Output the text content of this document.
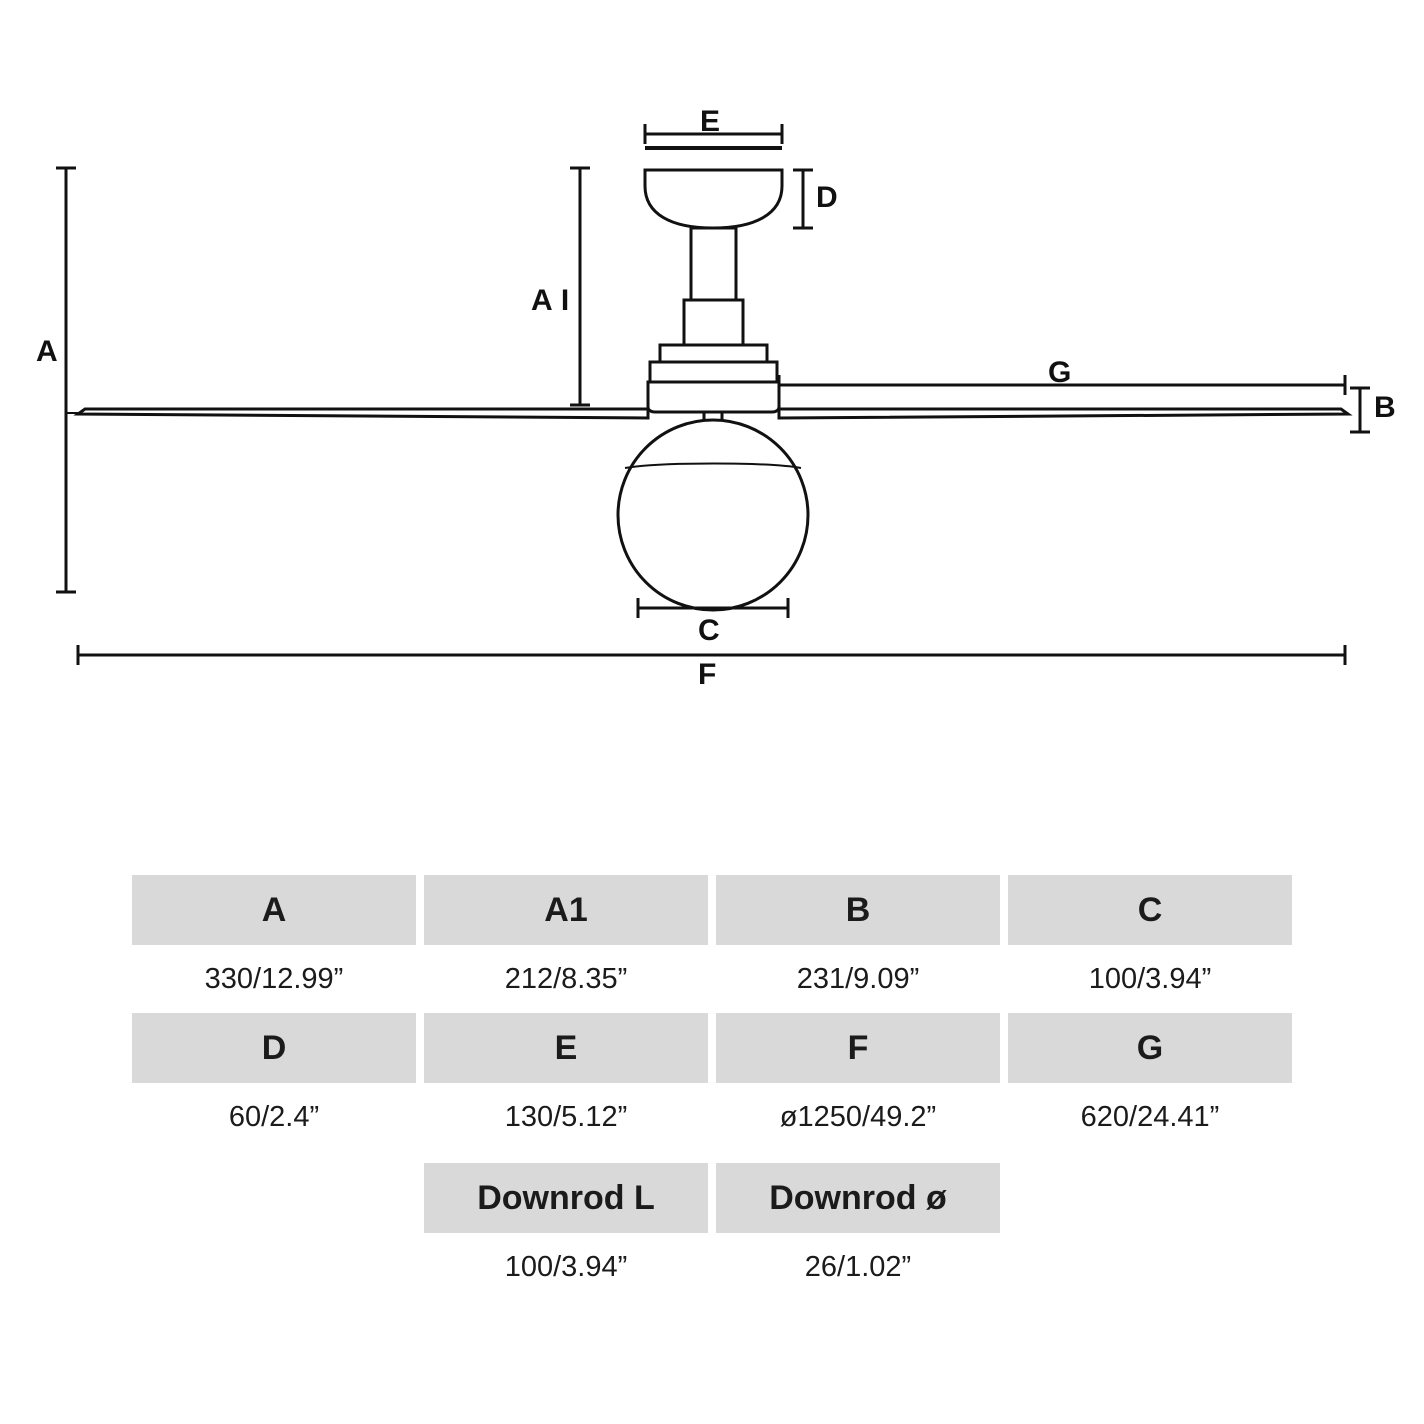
A
A I
E
D
G
B
C
F
A	A1	B	C
330/12.99”	212/8.35”	231/9.09”	100/3.94”
D	E	F	G
60/2.4”	130/5.12”	ø1250/49.2”	620/24.41”
Downrod L	Downrod ø
100/3.94”	26/1.02”
